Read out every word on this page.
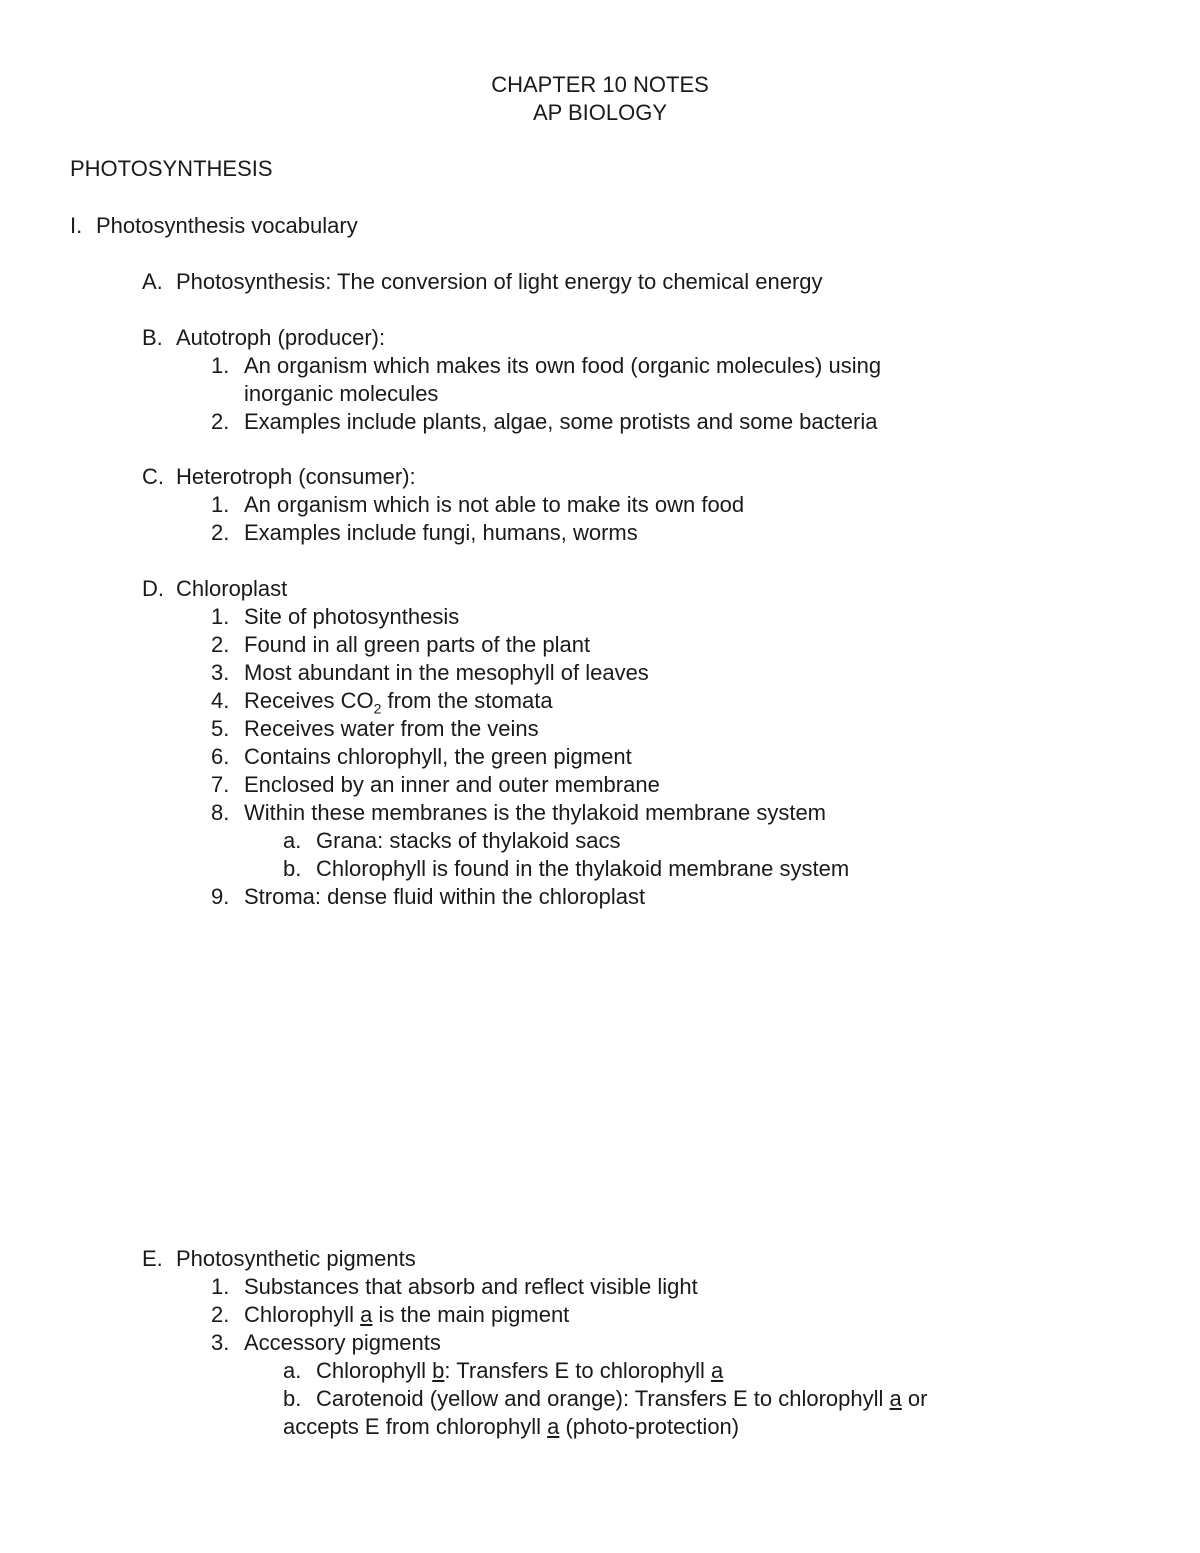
CHAPTER 10 NOTES
AP BIOLOGY
PHOTOSYNTHESIS
I. Photosynthesis vocabulary
A. Photosynthesis: The conversion of light energy to chemical energy
B. Autotroph (producer):
1. An organism which makes its own food (organic molecules) using
inorganic molecules
2. Examples include plants, algae, some protists and some bacteria
C. Heterotroph (consumer):
1. An organism which is not able to make its own food
2. Examples include fungi, humans, worms
D. Chloroplast
1. Site of photosynthesis
2. Found in all green parts of the plant
3. Most abundant in the mesophyll of leaves
4. Receives $CO_2$ from the stomata
5. Receives water from the veins
6. Contains chlorophyll, the green pigment
7. Enclosed by an inner and outer membrane
8. Within these membranes is the thylakoid membrane system
a. Grana: stacks of thylakoid sacs
b. Chlorophyll is found in the thylakoid membrane system
9. Stroma: dense fluid within the chloroplast
E. Photosynthetic pigments
1. Substances that absorb and reflect visible light
2. Chlorophyll a is the main pigment
3. Accessory pigments
a. Chlorophyll b: Transfers E to chlorophyll a
b. Carotenoid (yellow and orange): Transfers E to chlorophyll a or
accepts E from chlorophyll a (photo-protection)
